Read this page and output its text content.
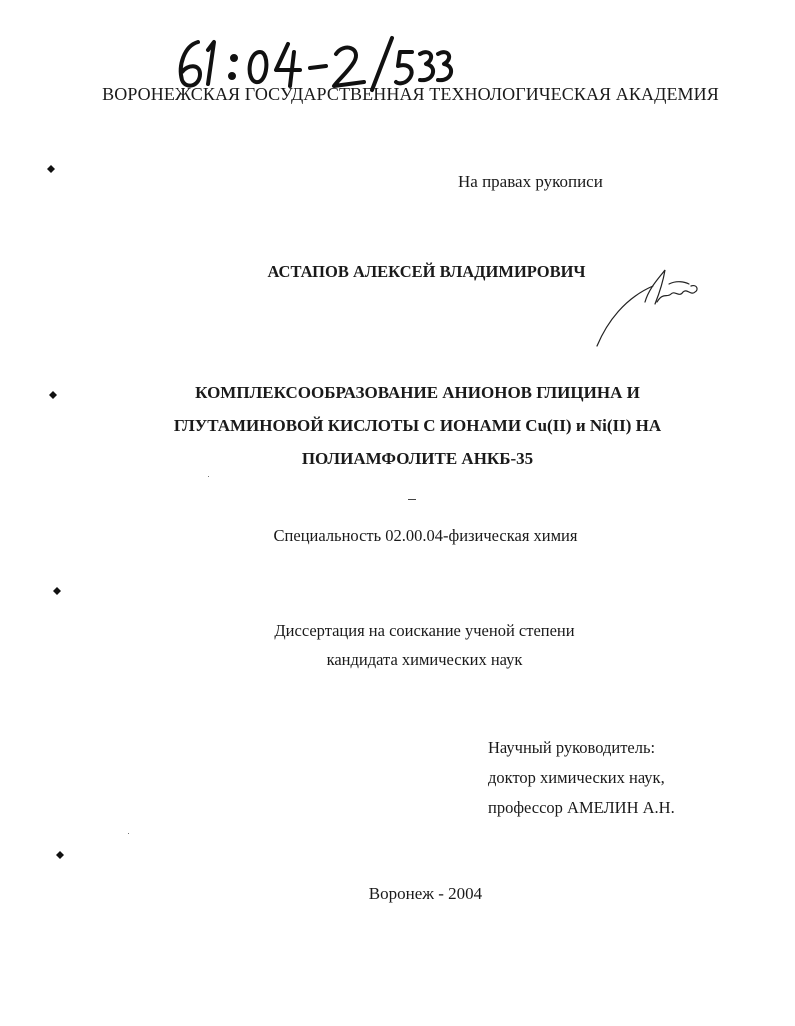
ВОРОНЕЖСКАЯ ГОСУДАРСТВЕННАЯ ТЕХНОЛОГИЧЕСКАЯ АКАДЕМИЯ
На правах рукописи
АСТАПОВ АЛЕКСЕЙ ВЛАДИМИРОВИЧ
КОМПЛЕКСООБРАЗОВАНИЕ АНИОНОВ ГЛИЦИНА И
ГЛУТАМИНОВОЙ КИСЛОТЫ С ИОНАМИ Cu(II) и Ni(II) НА
ПОЛИАМФОЛИТЕ АНКБ-35
Специальность 02.00.04-физическая химия
Диссертация на соискание ученой степени
кандидата химических наук
Научный руководитель:
доктор химических наук,
профессор АМЕЛИН А.Н.
Воронеж - 2004
